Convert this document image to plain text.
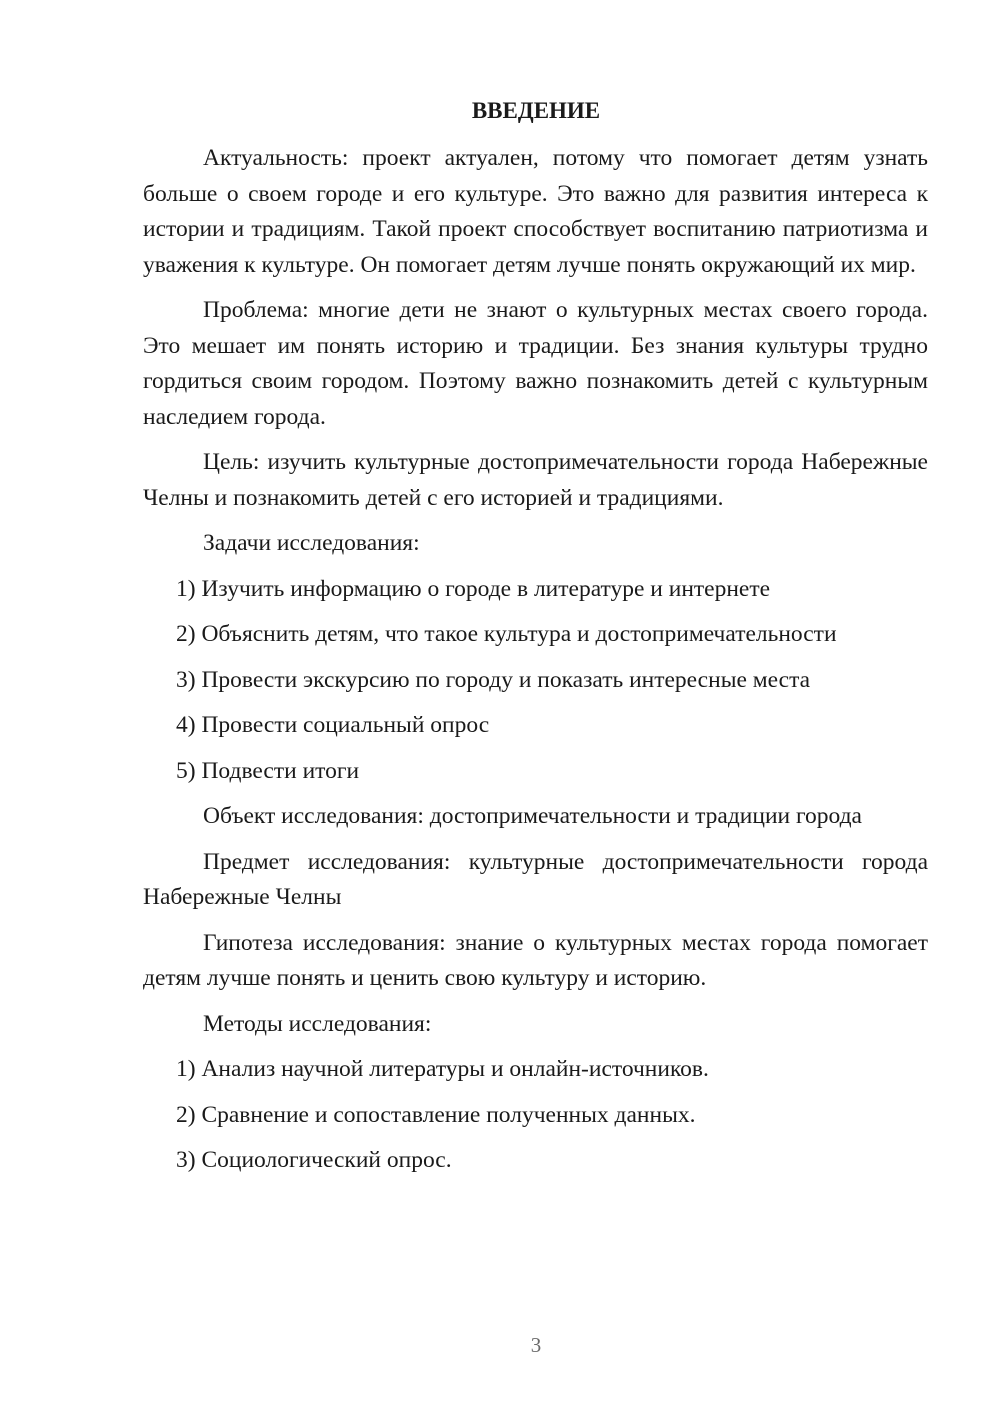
ВВЕДЕНИЕ

Актуальность: проект актуален, потому что помогает детям узнать больше о своем городе и его культуре. Это важно для развития интереса к истории и традициям. Такой проект способствует воспитанию патриотизма и уважения к культуре. Он помогает детям лучше понять окружающий их мир.

Проблема: многие дети не знают о культурных местах своего города. Это мешает им понять историю и традиции. Без знания культуры трудно гордиться своим городом. Поэтому важно познакомить детей с культурным наследием города.

Цель: изучить культурные достопримечательности города Набережные Челны и познакомить детей с его историей и традициями.

Задачи исследования:

1) Изучить информацию о городе в литературе и интернете

2) Объяснить детям, что такое культура и достопримечательности

3) Провести экскурсию по городу и показать интересные места

4) Провести социальный опрос

5) Подвести итоги

Объект исследования: достопримечательности и традиции города

Предмет исследования: культурные достопримечательности города Набережные Челны

Гипотеза исследования: знание о культурных местах города помогает детям лучше понять и ценить свою культуру и историю.

Методы исследования:

1) Анализ научной литературы и онлайн-источников.

2) Сравнение и сопоставление полученных данных.

3) Социологический опрос.

3
